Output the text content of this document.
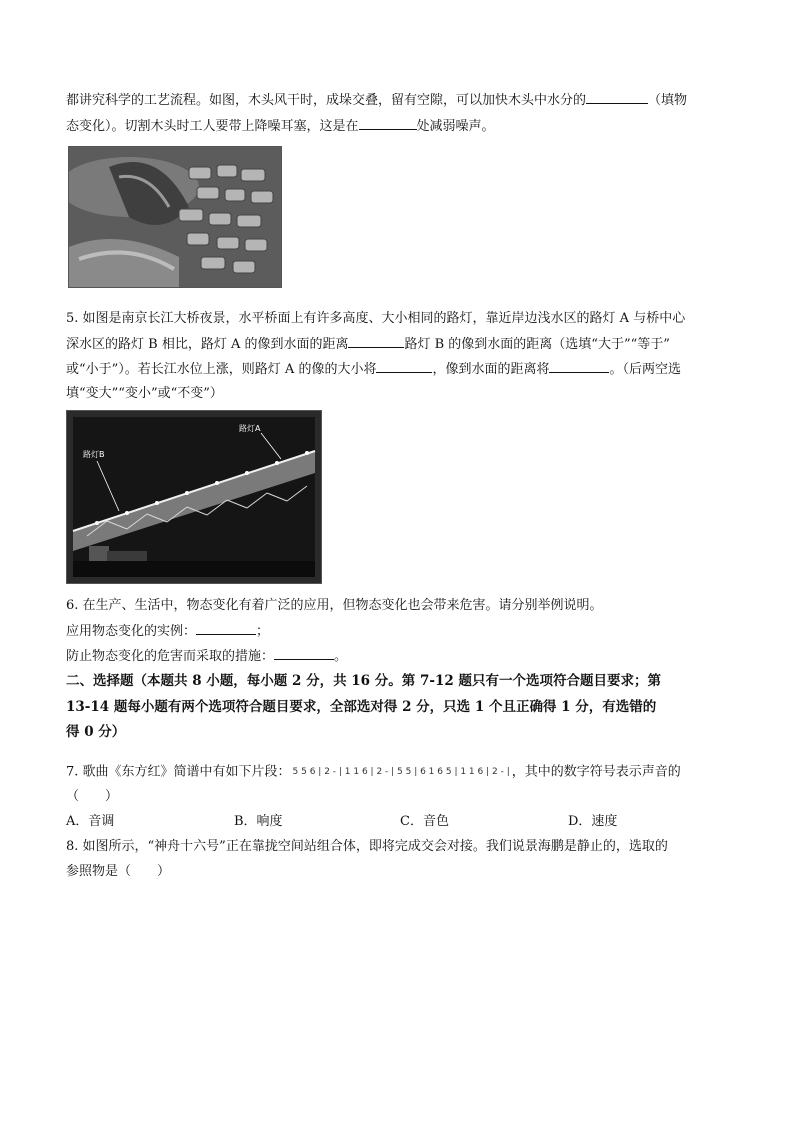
都讲究科学的工艺流程。如图，木头风干时，成垛交叠，留有空隙，可以加快木头中水分的	（填物
态变化）。切割木头时工人要带上降噪耳塞，这是在	处减弱噪声。
5. 如图是南京长江大桥夜景，水平桥面上有许多高度、大小相同的路灯，靠近岸边浅水区的路灯 A 与桥中心
深水区的路灯 B 相比，路灯 A 的像到水面的距离	路灯 B 的像到水面的距离（选填“大于”“等于”
或“小于”）。若长江水位上涨，则路灯 A 的像的大小将	，像到水面的距离将	。（后两空选
填“变大”“变小”或“不变”）
路灯A
路灯B
6. 在生产、生活中，物态变化有着广泛的应用，但物态变化也会带来危害。请分别举例说明。
应用物态变化的实例：	；
防止物态变化的危害而采取的措施：	。
二、选择题（本题共 8 小题，每小题 2 分，共 16 分。第 7-12 题只有一个选项符合题目要求；第
13-14 题每小题有两个选项符合题目要求，全部选对得 2 分，只选 1 个且正确得 1 分，有选错的
得 0 分）
7. 歌曲《东方红》简谱中有如下片段： 5 5 6 | 2 - | 1 1 6 | 2 - | 5 5 | 6 1 6 5 | 1 1 6 | 2 - | ，其中的数字符号表示声音的
（　　）
A．音调	B．响度	C．音色	D．速度
8. 如图所示，“神舟十六号”正在靠拢空间站组合体，即将完成交会对接。我们说景海鹏是静止的，选取的
参照物是（　　）
